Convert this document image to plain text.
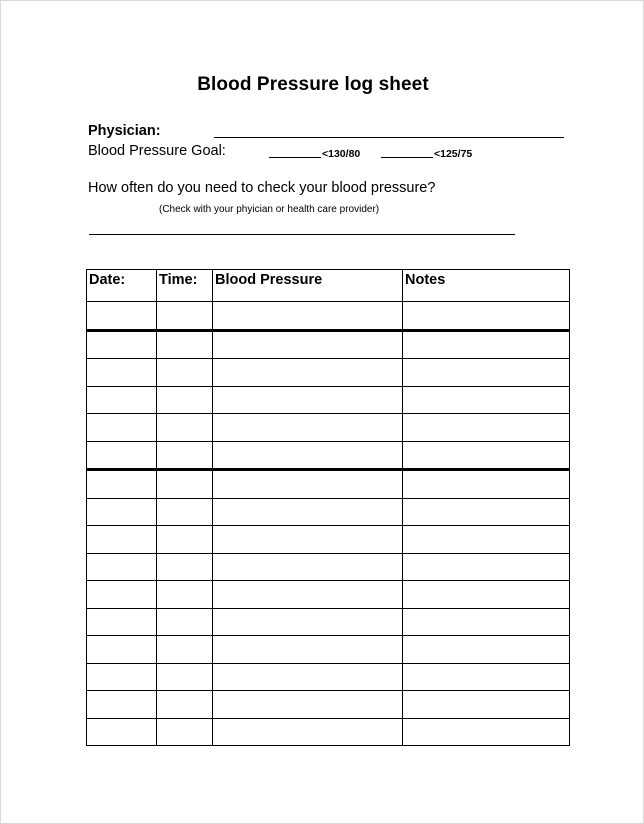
Blood Pressure log sheet
Physician:
Blood Pressure Goal:	<130/80	<125/75
How often do you need to check your blood pressure?
(Check with your phyician or health care provider)
Date:	Time:	Blood Pressure	Notes
